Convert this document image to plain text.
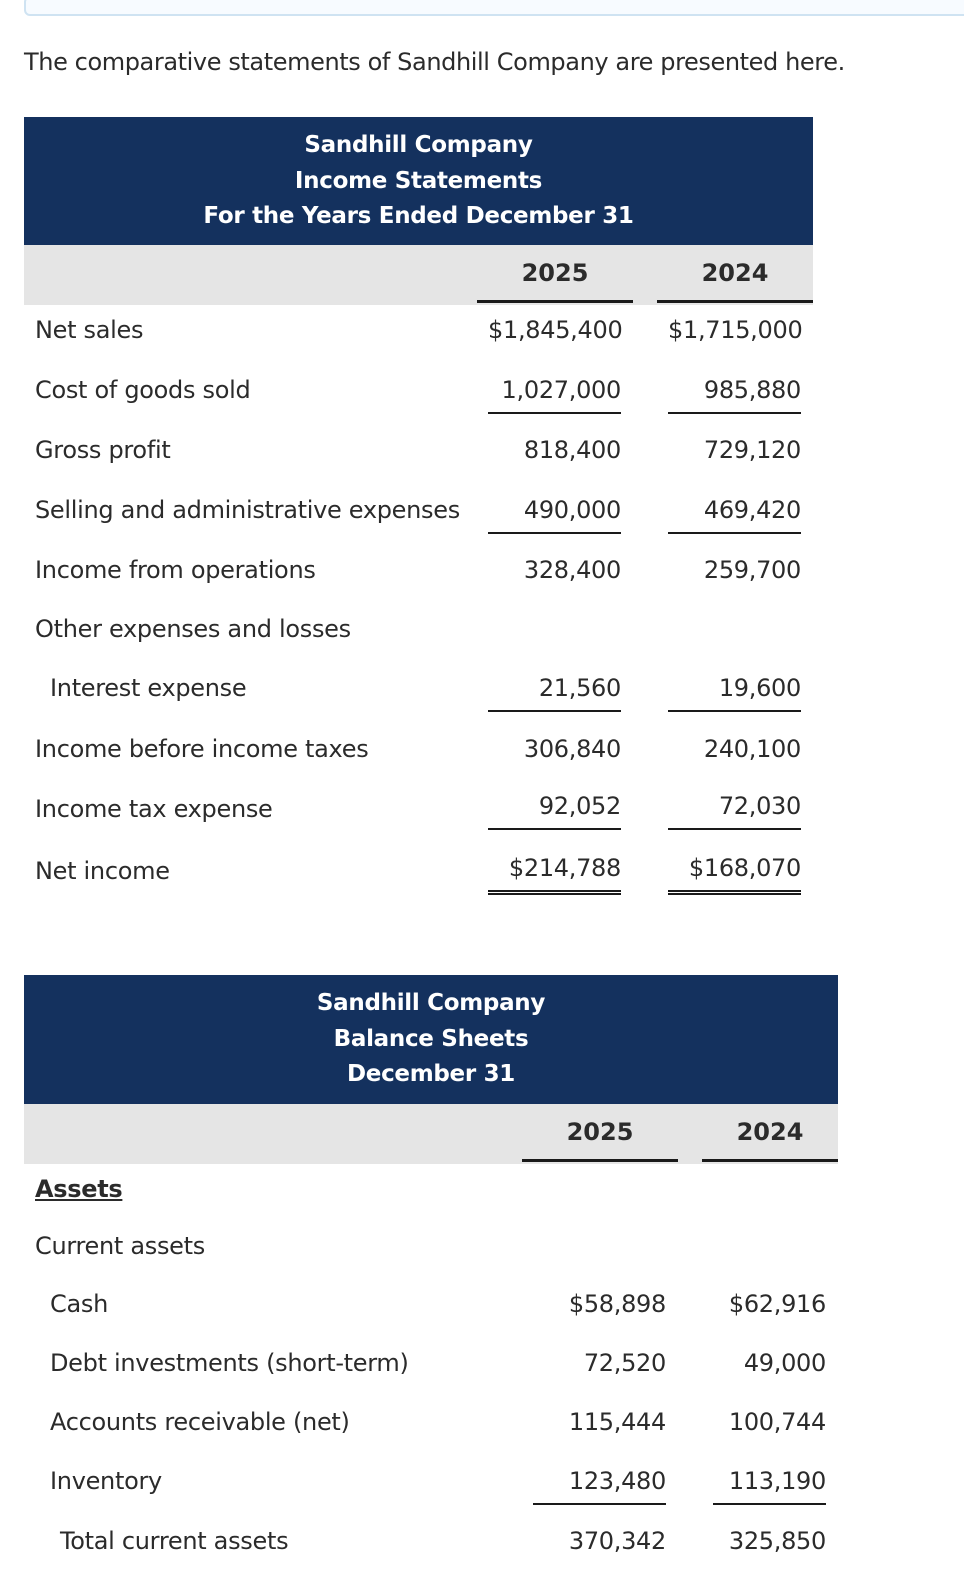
The comparative statements of Sandhill Company are presented here.
Sandhill Company
Income Statements
For the Years Ended December 31
2025	2024
Net sales	$1,845,400 $1,715,000
Cost of goods sold	1,027,000	985,880
Gross profit	818,400	729,120
Selling and administrative expenses	490,000	469,420
Income from operations	328,400	259,700
Other expenses and losses
Interest expense	21,560	19,600
Income before income taxes	306,840	240,100
Income tax expense	92,052	72,030
Net income	$214,788	$168,070
Sandhill Company
Balance Sheets
December 31
2025	2024
Assets
Current assets
Cash	$58,898	$62,916
Debt investments (short-term)	72,520	49,000
Accounts receivable (net)	115,444	100,744
Inventory	123,480	113,190
Total current assets	370,342	325,850
